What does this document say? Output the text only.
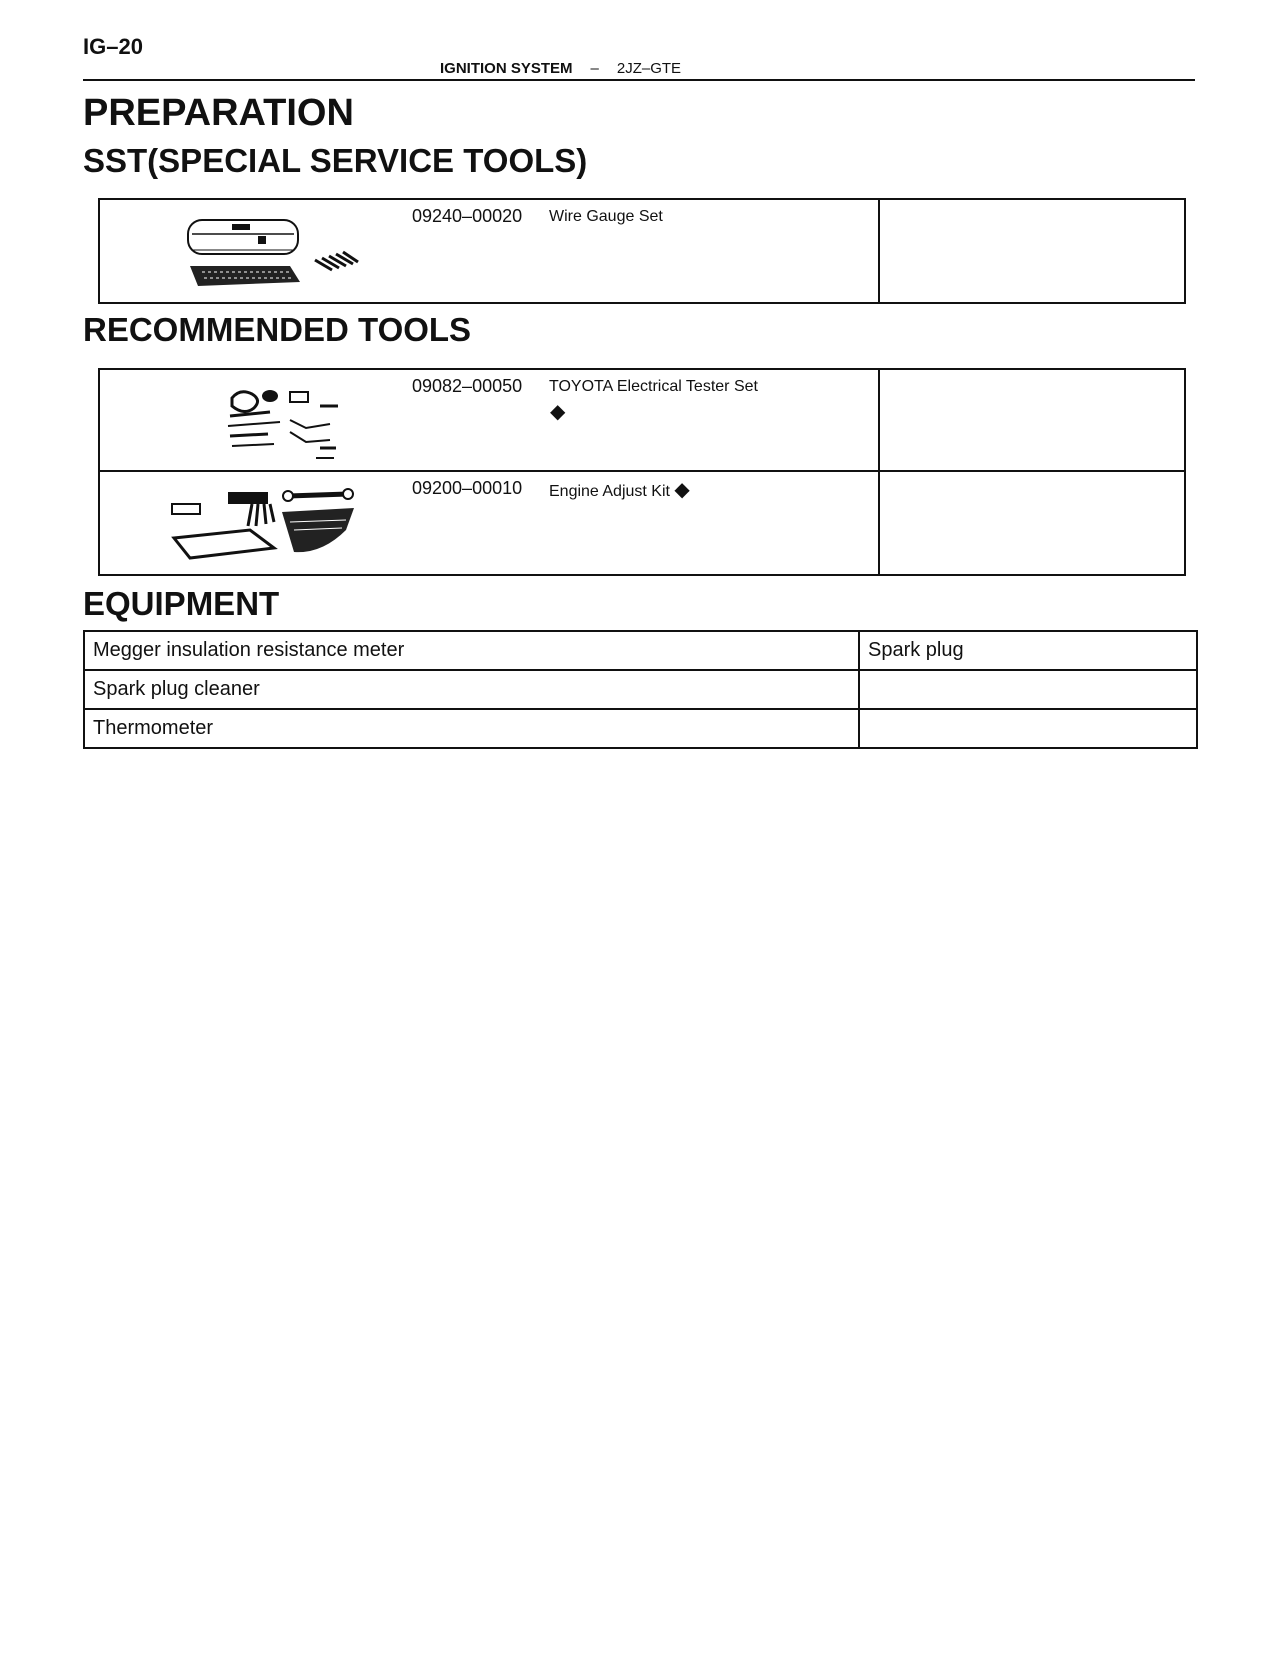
IG–20
IGNITION SYSTEM – 2JZ–GTE
PREPARATION
SST(SPECIAL SERVICE TOOLS)
09240–00020 Wire Gauge Set
RECOMMENDED TOOLS
09082–00050 TOYOTA Electrical Tester Set
◆
09200–00010 Engine Adjust Kit ◆
EQUIPMENT
Megger insulation resistance meter	Spark plug
Spark plug cleaner	
Thermometer	
